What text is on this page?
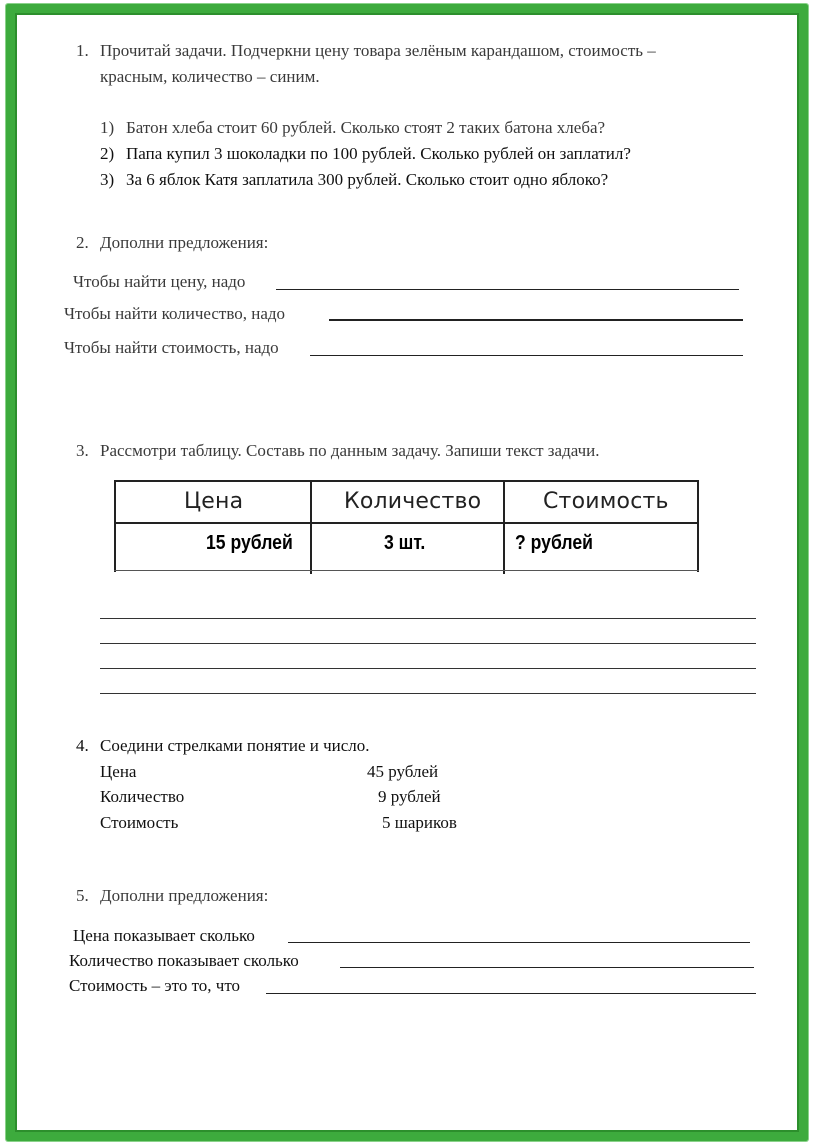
1. Прочитай задачи. Подчеркни цену товара зелёным карандашом, стоимость –
красным, количество – синим.
1) Батон хлеба стоит 60 рублей. Сколько стоят 2 таких батона хлеба?
2) Папа купил 3 шоколадки по 100 рублей. Сколько рублей он заплатил?
3) За 6 яблок Катя заплатила 300 рублей. Сколько стоит одно яблоко?
2. Дополни предложения:
Чтобы найти цену, надо
Чтобы найти количество, надо
Чтобы найти стоимость, надо
3. Рассмотри таблицу. Составь по данным задачу. Запиши текст задачи.
Цена	Количество	Стоимость
15 рублей	3 шт.	? рублей
4. Соедини стрелками понятие и число.
Цена
Количество
Стоимость
45 рублей
9 рублей
5 шариков
5. Дополни предложения:
Цена показывает сколько
Количество показывает сколько
Стоимость – это то, что
